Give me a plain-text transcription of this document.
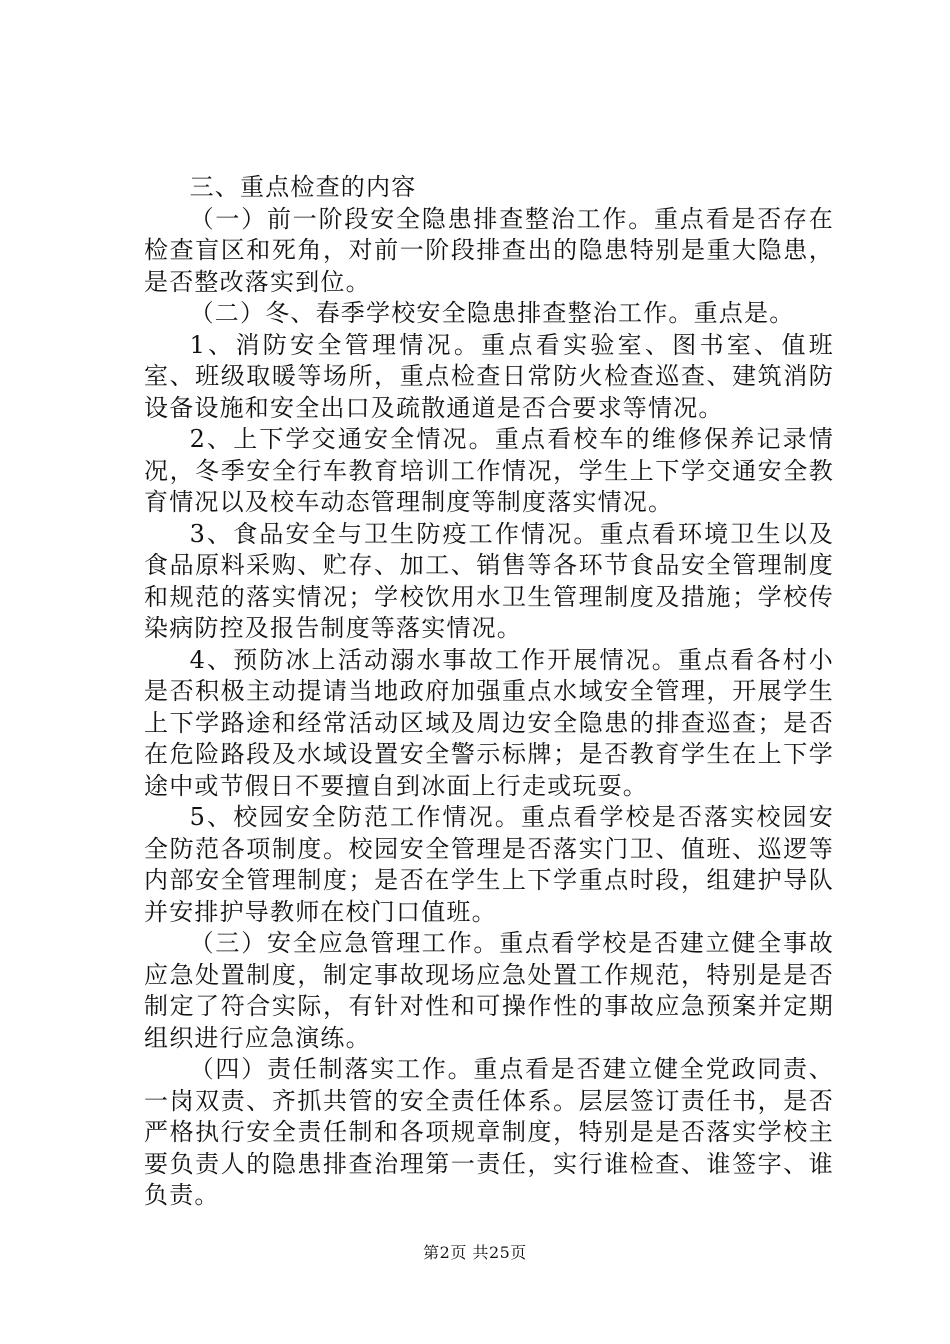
三、重点检查的内容

（一）前一阶段安全隐患排查整治工作。重点看是否存在检查盲区和死角，对前一阶段排查出的隐患特别是重大隐患，是否整改落实到位。

（二）冬、春季学校安全隐患排查整治工作。重点是。

1、消防安全管理情况。重点看实验室、图书室、值班室、班级取暖等场所，重点检查日常防火检查巡查、建筑消防设备设施和安全出口及疏散通道是否合要求等情况。

2、上下学交通安全情况。重点看校车的维修保养记录情况，冬季安全行车教育培训工作情况，学生上下学交通安全教育情况以及校车动态管理制度等制度落实情况。

3、食品安全与卫生防疫工作情况。重点看环境卫生以及食品原料采购、贮存、加工、销售等各环节食品安全管理制度和规范的落实情况；学校饮用水卫生管理制度及措施；学校传染病防控及报告制度等落实情况。

4、预防冰上活动溺水事故工作开展情况。重点看各村小是否积极主动提请当地政府加强重点水域安全管理，开展学生上下学路途和经常活动区域及周边安全隐患的排查巡查；是否在危险路段及水域设置安全警示标牌；是否教育学生在上下学途中或节假日不要擅自到冰面上行走或玩耍。

5、校园安全防范工作情况。重点看学校是否落实校园安全防范各项制度。校园安全管理是否落实门卫、值班、巡逻等内部安全管理制度；是否在学生上下学重点时段，组建护导队并安排护导教师在校门口值班。

（三）安全应急管理工作。重点看学校是否建立健全事故应急处置制度，制定事故现场应急处置工作规范，特别是是否制定了符合实际，有针对性和可操作性的事故应急预案并定期组织进行应急演练。

（四）责任制落实工作。重点看是否建立健全党政同责、一岗双责、齐抓共管的安全责任体系。层层签订责任书，是否严格执行安全责任制和各项规章制度，特别是是否落实学校主要负责人的隐患排查治理第一责任，实行谁检查、谁签字、谁负责。

第2页 共25页
